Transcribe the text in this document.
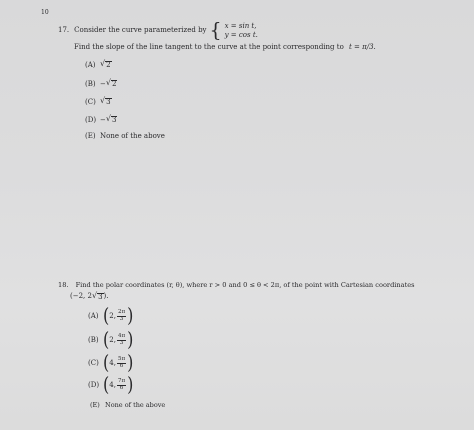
10
17. Consider the curve parameterized by { x = sin t,
y = cos t.
Find the slope of the line tangent to the curve at the point corresponding to t = π/3.
(A) √ 2
(B) − √ 2
(C) √ 3
(D) − √ 3
(E) None of the above
18. Find the polar coordinates (r, θ), where r > 0 and 0 ≤ θ < 2π, of the point with Cartesian coordinates
(−2, 2 √ 3 ).
(A) ( 2 , $\frac{2\pi}{3}$ )
(B) ( 2 , $\frac{4\pi}{3}$ )
(C) ( 4 , $\frac{5\pi}{6}$ )
(D) ( 4 , $\frac{7\pi}{6}$ )
(E) None of the above
